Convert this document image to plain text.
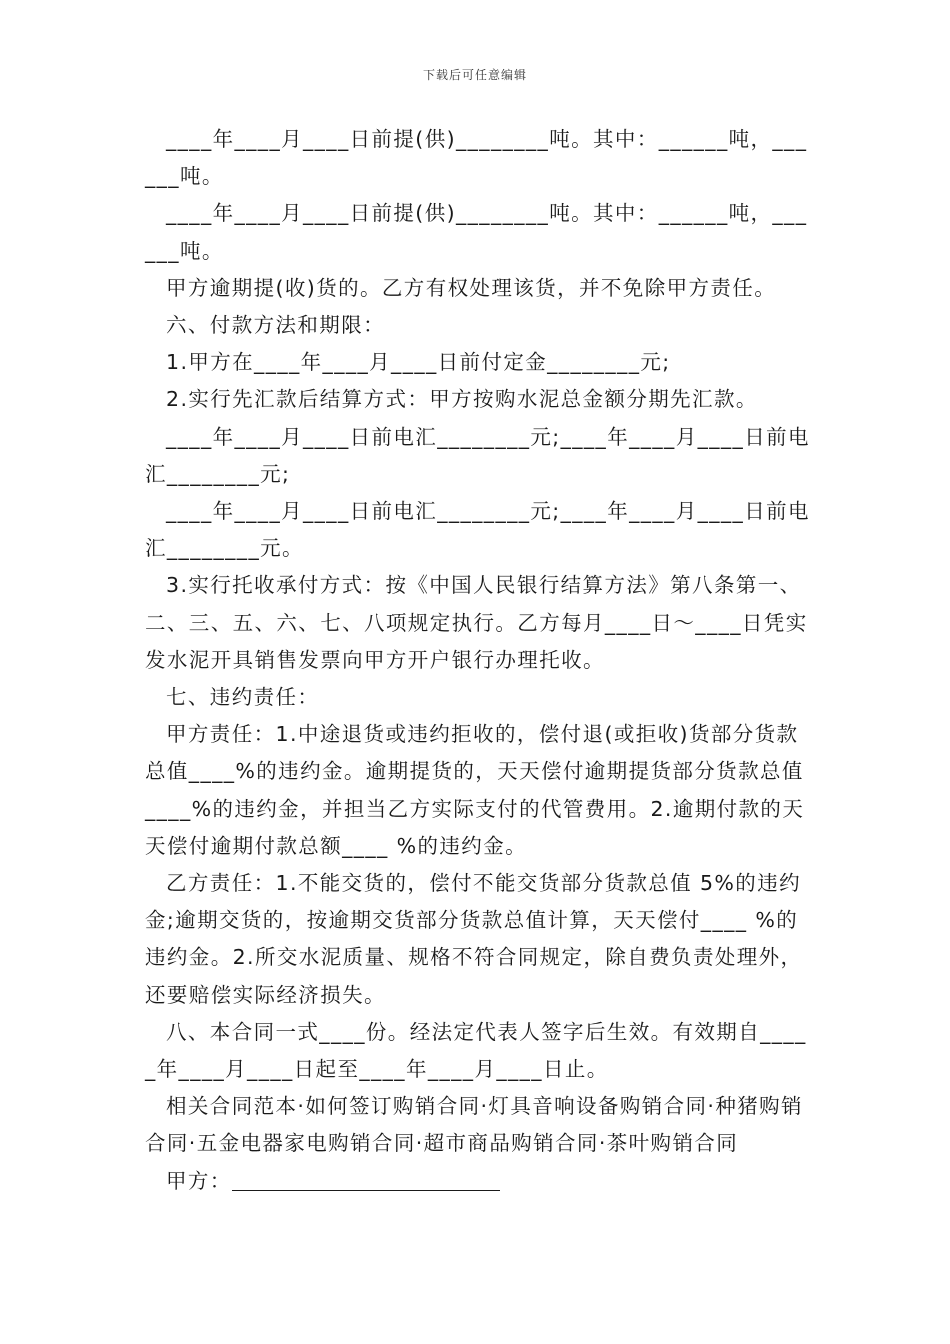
下载后可任意编辑

____年____月____日前提(供)________吨。其中：______吨，______吨。

____年____月____日前提(供)________吨。其中：______吨，______吨。

甲方逾期提(收)货的。乙方有权处理该货，并不免除甲方责任。

六、付款方法和期限：

1.甲方在____年____月____日前付定金________元;

2.实行先汇款后结算方式：甲方按购水泥总金额分期先汇款。

____年____月____日前电汇________元;____年____月____日前电汇________元;

____年____月____日前电汇________元;____年____月____日前电汇________元。

3.实行托收承付方式：按《中国人民银行结算方法》第八条第一、二、三、五、六、七、八项规定执行。乙方每月____日～____日凭实发水泥开具销售发票向甲方开户银行办理托收。

七、违约责任：

甲方责任：1.中途退货或违约拒收的，偿付退(或拒收)货部分货款总值____%的违约金。逾期提货的，天天偿付逾期提货部分货款总值____%的违约金，并担当乙方实际支付的代管费用。2.逾期付款的天天偿付逾期付款总额____ %的违约金。

乙方责任：1.不能交货的，偿付不能交货部分货款总值 5%的违约金;逾期交货的，按逾期交货部分货款总值计算，天天偿付____ %的违约金。2.所交水泥质量、规格不符合同规定，除自费负责处理外，还要赔偿实际经济损失。

八、本合同一式____份。经法定代表人签字后生效。有效期自_____年____月____日起至____年____月____日止。

相关合同范本·如何签订购销合同·灯具音响设备购销合同·种猪购销合同·五金电器家电购销合同·超市商品购销合同·茶叶购销合同

甲方：
